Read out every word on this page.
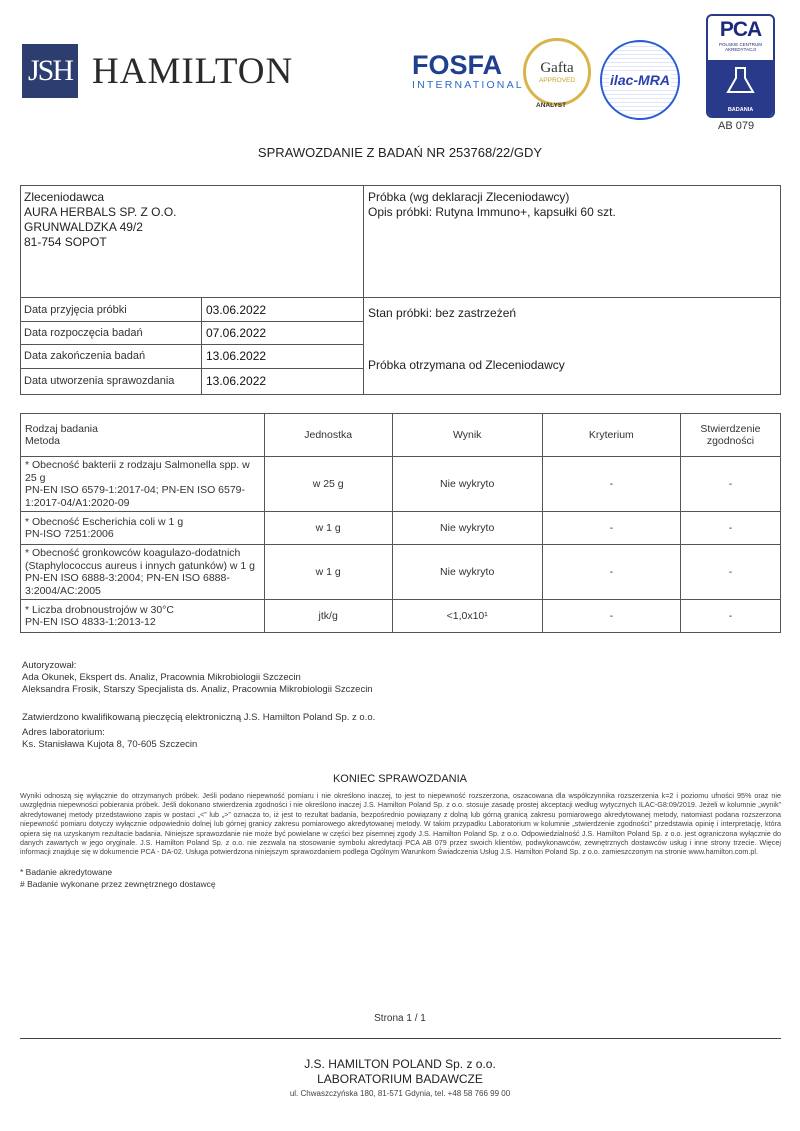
JSH HAMILTON	FOSFA
INTERNATIONAL
Gafta
APPROVED
ANALYST
ilac-MRA
PCA
POLSKIE CENTRUM AKREDYTACJI
BADANIA
AB 079
SPRAWOZDANIE Z BADAŃ NR 253768/22/GDY
Zleceniodawca
AURA HERBALS SP. Z O.O.
GRUNWALDZKA 49/2
81-754 SOPOT
Próbka (wg deklaracji Zleceniodawcy)
Opis próbki: Rutyna Immuno+, kapsułki 60 szt.
Data przyjęcia próbki	03.06.2022
Data rozpoczęcia badań	07.06.2022
Data zakończenia badań	13.06.2022
Data utworzenia sprawozdania	13.06.2022
Stan próbki: bez zastrzeżeń
Próbka otrzymana od Zleceniodawcy
Rodzaj badania
Metoda	Jednostka	Wynik	Kryterium	Stwierdzenie zgodności

* Obecność bakterii z rodzaju Salmonella spp. w 25 g
PN-EN ISO 6579-1:2017-04; PN-EN ISO 6579-1:2017-04/A1:2020-09	w 25 g	Nie wykryto	-	-

* Obecność Escherichia coli w 1 g
PN-ISO 7251:2006	w 1 g	Nie wykryto	-	-

* Obecność gronkowców koagulazo-dodatnich (Staphylococcus aureus i innych gatunków) w 1 g
PN-EN ISO 6888-3:2004; PN-EN ISO 6888-3:2004/AC:2005	w 1 g	Nie wykryto	-	-

* Liczba drobnoustrojów w 30°C
PN-EN ISO 4833-1:2013-12	jtk/g	<1,0x10¹	-	-
Autoryzował:
Ada Okunek, Ekspert ds. Analiz, Pracownia Mikrobiologii Szczecin
Aleksandra Frosik, Starszy Specjalista ds. Analiz, Pracownia Mikrobiologii Szczecin
Zatwierdzono kwalifikowaną pieczęcią elektroniczną J.S. Hamilton Poland Sp. z o.o.
Adres laboratorium:
Ks. Stanisława Kujota 8, 70-605 Szczecin
KONIEC SPRAWOZDANIA
Wyniki odnoszą się wyłącznie do otrzymanych próbek. Jeśli podano niepewność pomiaru i nie określono inaczej, to jest to niepewność rozszerzona, oszacowana dla współczynnika rozszerzenia k=2 i poziomu ufności 95% oraz nie uwzględnia niepewności pobierania próbek. Jeśli dokonano stwierdzenia zgodności i nie określono inaczej J.S. Hamilton Poland Sp. z o.o. stosuje zasadę prostej akceptacji według wytycznych ILAC-G8:09/2019. Jeżeli w kolumnie „wynik” akredytowanej metody przedstawiono zapis w postaci „<” lub „>” oznacza to, iż jest to rezultat badania, bezpośrednio powiązany z dolną lub górną granicą zakresu pomiarowego akredytowanej metody, natomiast podana rozszerzona niepewność pomiaru dotyczy wyłącznie odpowiednio dolnej lub górnej granicy zakresu pomiarowego akredytowanej metody. W takim przypadku Laboratorium w kolumnie „stwierdzenie zgodności” przedstawia opinię i interpretację, która opiera się na uzyskanym rezultacie badania. Niniejsze sprawozdanie nie może być powielane w części bez pisemnej zgody J.S. Hamilton Poland Sp. z o.o. Odpowiedzialność J.S. Hamilton Poland Sp. z o.o. jest ograniczona wyłącznie do danych zawartych w jego oryginale. J.S. Hamilton Poland Sp. z o.o. nie zezwala na stosowanie symbolu akredytacji PCA AB 079 przez swoich klientów, podwykonawców, zewnętrznych dostawców usług i inne strony trzecie. Więcej informacji znajduje się w dokumencie PCA - DA-02. Usługa potwierdzona niniejszym sprawozdaniem podlega Ogólnym Warunkom Świadczenia Usług J.S. Hamilton Poland Sp. z o.o. zamieszczonym na stronie www.hamilton.com.pl.
* Badanie akredytowane
# Badanie wykonane przez zewnętrznego dostawcę
Strona 1 / 1
J.S. HAMILTON POLAND Sp. z o.o.
LABORATORIUM BADAWCZE
ul. Chwaszczyńska 180, 81-571 Gdynia, tel. +48 58 766 99 00
